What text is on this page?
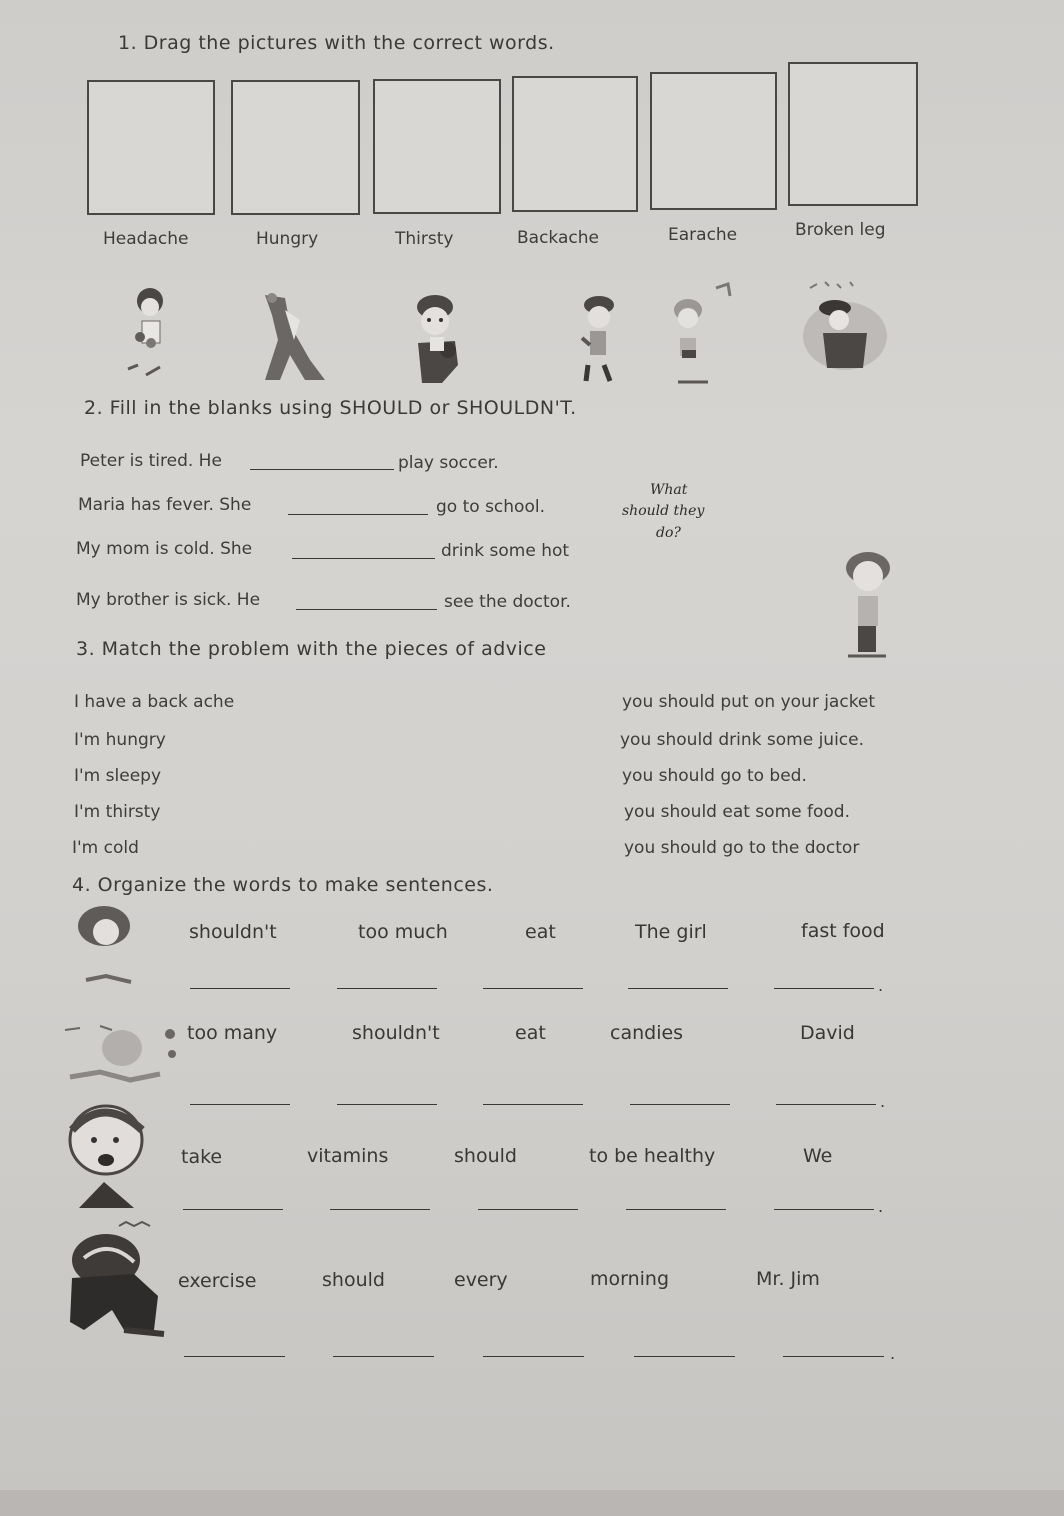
1. Drag the pictures with the correct words.
Headache	Hungry	Thirsty	Backache	Earache	Broken leg
2. Fill in the blanks using SHOULD or SHOULDN'T.
Peter is tired. He	play soccer.
Maria has fever. She	go to school.
My mom is cold. She	drink some hot
My brother is sick. He	see the doctor.
What
should they
do?
3. Match the problem with the pieces of advice
I have a back ache
I'm hungry
I'm sleepy
I'm thirsty
I'm cold
you should put on your jacket
you should drink some juice.
you should go to bed.
you should eat some food.
you should go to the doctor
4. Organize the words to make sentences.
shouldn't	too much	eat	The girl	fast food
.
too many	shouldn't	eat	candies	David
.
take	vitamins	should	to be healthy	We
.
exercise	should	every	morning	Mr. Jim
.
